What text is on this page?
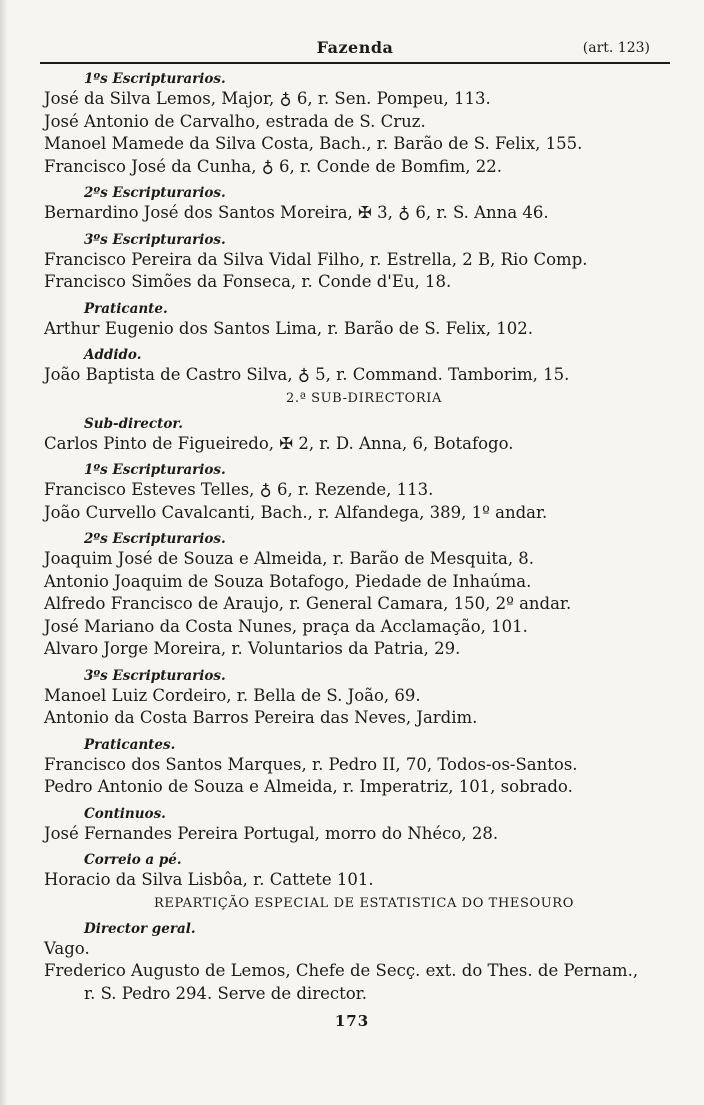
Fazenda	(art. 123)
1ºs Escripturarios.
José da Silva Lemos, Major, ♁ 6, r. Sen. Pompeu, 113.
José Antonio de Carvalho, estrada de S. Cruz.
Manoel Mamede da Silva Costa, Bach., r. Barão de S. Felix, 155.
Francisco José da Cunha, ♁ 6, r. Conde de Bomfim, 22.
2ºs Escripturarios.
Bernardino José dos Santos Moreira, ✠ 3, ♁ 6, r. S. Anna 46.
3ºs Escripturarios.
Francisco Pereira da Silva Vidal Filho, r. Estrella, 2 B, Rio Comp.
Francisco Simões da Fonseca, r. Conde d'Eu, 18.
Praticante.
Arthur Eugenio dos Santos Lima, r. Barão de S. Felix, 102.
Addido.
João Baptista de Castro Silva, ♁ 5, r. Command. Tamborim, 15.
2.ª SUB-DIRECTORIA
Sub-director.
Carlos Pinto de Figueiredo, ✠ 2, r. D. Anna, 6, Botafogo.
1ºs Escripturarios.
Francisco Esteves Telles, ♁ 6, r. Rezende, 113.
João Curvello Cavalcanti, Bach., r. Alfandega, 389, 1º andar.
2ºs Escripturarios.
Joaquim José de Souza e Almeida, r. Barão de Mesquita, 8.
Antonio Joaquim de Souza Botafogo, Piedade de Inhaúma.
Alfredo Francisco de Araujo, r. General Camara, 150, 2º andar.
José Mariano da Costa Nunes, praça da Acclamação, 101.
Alvaro Jorge Moreira, r. Voluntarios da Patria, 29.
3ºs Escripturarios.
Manoel Luiz Cordeiro, r. Bella de S. João, 69.
Antonio da Costa Barros Pereira das Neves, Jardim.
Praticantes.
Francisco dos Santos Marques, r. Pedro II, 70, Todos-os-Santos.
Pedro Antonio de Souza e Almeida, r. Imperatriz, 101, sobrado.
Continuos.
José Fernandes Pereira Portugal, morro do Nhéco, 28.
Correio a pé.
Horacio da Silva Lisbôa, r. Cattete 101.
REPARTIÇÃO ESPECIAL DE ESTATISTICA DO THESOURO
Director geral.
Vago.
Frederico Augusto de Lemos, Chefe de Secç. ext. do Thes. de Pernam.,
r. S. Pedro 294. Serve de director.
173
